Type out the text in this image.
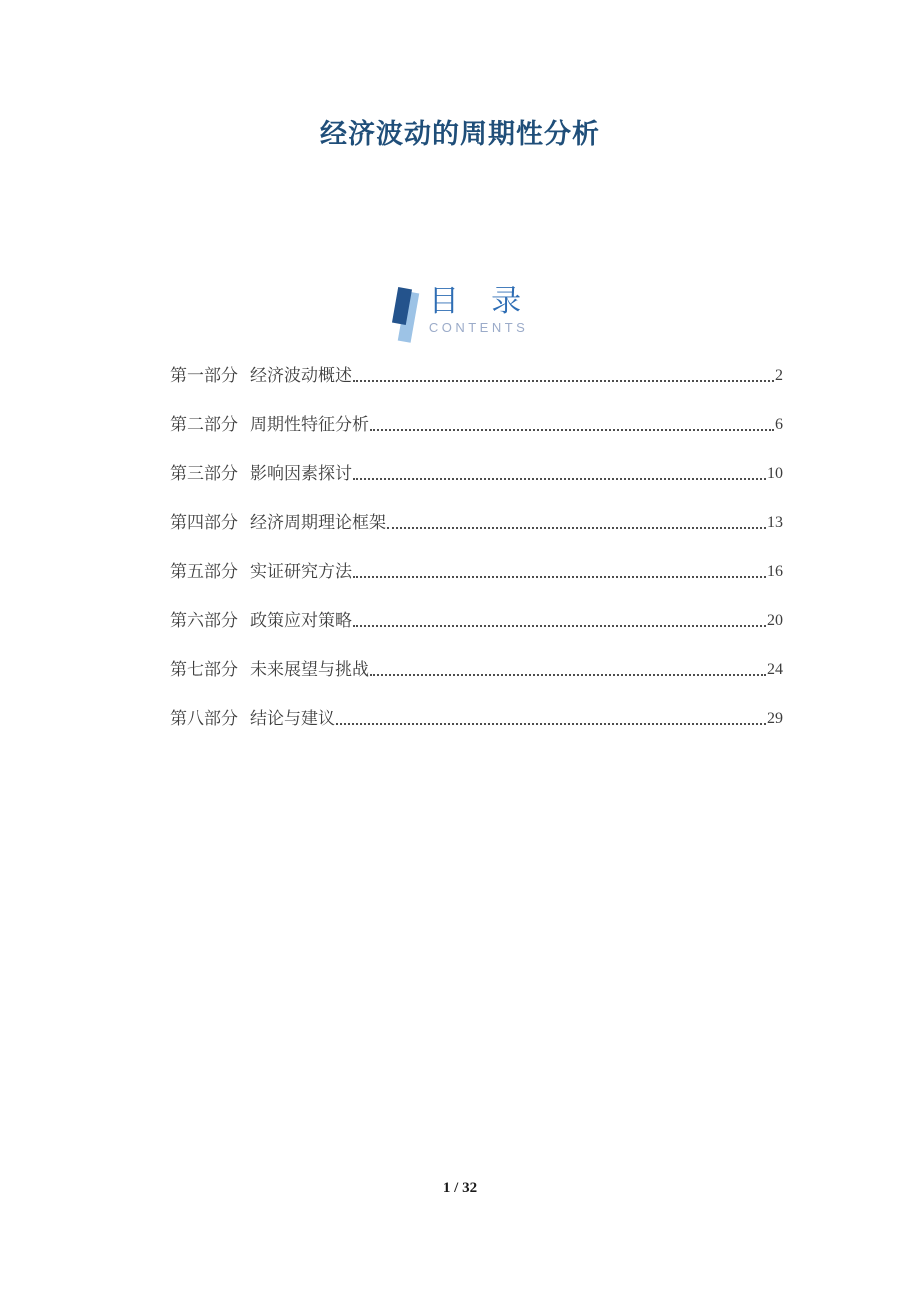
经济波动的周期性分析
目 录
CONTENTS
第一部分 经济波动概述	2
第二部分 周期性特征分析	6
第三部分 影响因素探讨	10
第四部分 经济周期理论框架	13
第五部分 实证研究方法	16
第六部分 政策应对策略	20
第七部分 未来展望与挑战	24
第八部分 结论与建议	29
1 / 32
